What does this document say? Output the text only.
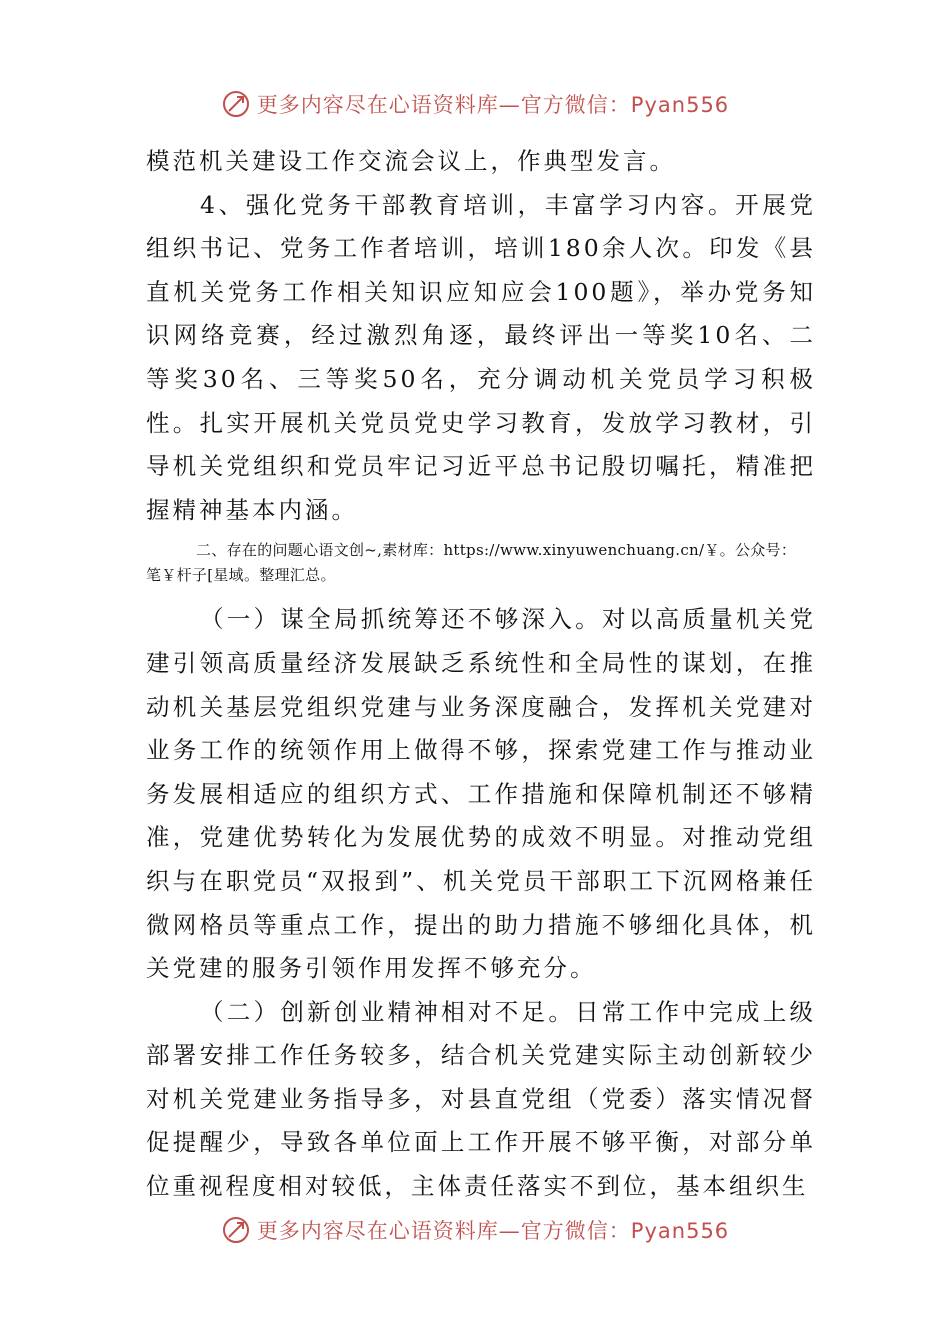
更多内容尽在心语资料库—官方微信：Pyan556

模范机关建设工作交流会议上，作典型发言。

4、强化党务干部教育培训，丰富学习内容。开展党组织书记、党务工作者培训，培训180余人次。印发《县直机关党务工作相关知识应知应会100题》，举办党务知识网络竞赛，经过激烈角逐，最终评出一等奖10名、二等奖30名、三等奖50名，充分调动机关党员学习积极性。扎实开展机关党员党史学习教育，发放学习教材，引导机关党组织和党员牢记习近平总书记殷切嘱托，精准把握精神基本内涵。

二、存在的问题心语文创~,素材库：https://www.xinyuwenchuang.cn/￥。公众号：
笔￥杆子[星域。整理汇总。

（一）谋全局抓统筹还不够深入。对以高质量机关党建引领高质量经济发展缺乏系统性和全局性的谋划，在推动机关基层党组织党建与业务深度融合，发挥机关党建对业务工作的统领作用上做得不够，探索党建工作与推动业务发展相适应的组织方式、工作措施和保障机制还不够精准，党建优势转化为发展优势的成效不明显。对推动党组织与在职党员“双报到”、机关党员干部职工下沉网格兼任微网格员等重点工作，提出的助力措施不够细化具体，机关党建的服务引领作用发挥不够充分。

（二）创新创业精神相对不足。日常工作中完成上级部署安排工作任务较多，结合机关党建实际主动创新较少对机关党建业务指导多，对县直党组（党委）落实情况督促提醒少，导致各单位面上工作开展不够平衡，对部分单位重视程度相对较低，主体责任落实不到位，基本组织生

更多内容尽在心语资料库—官方微信：Pyan556
